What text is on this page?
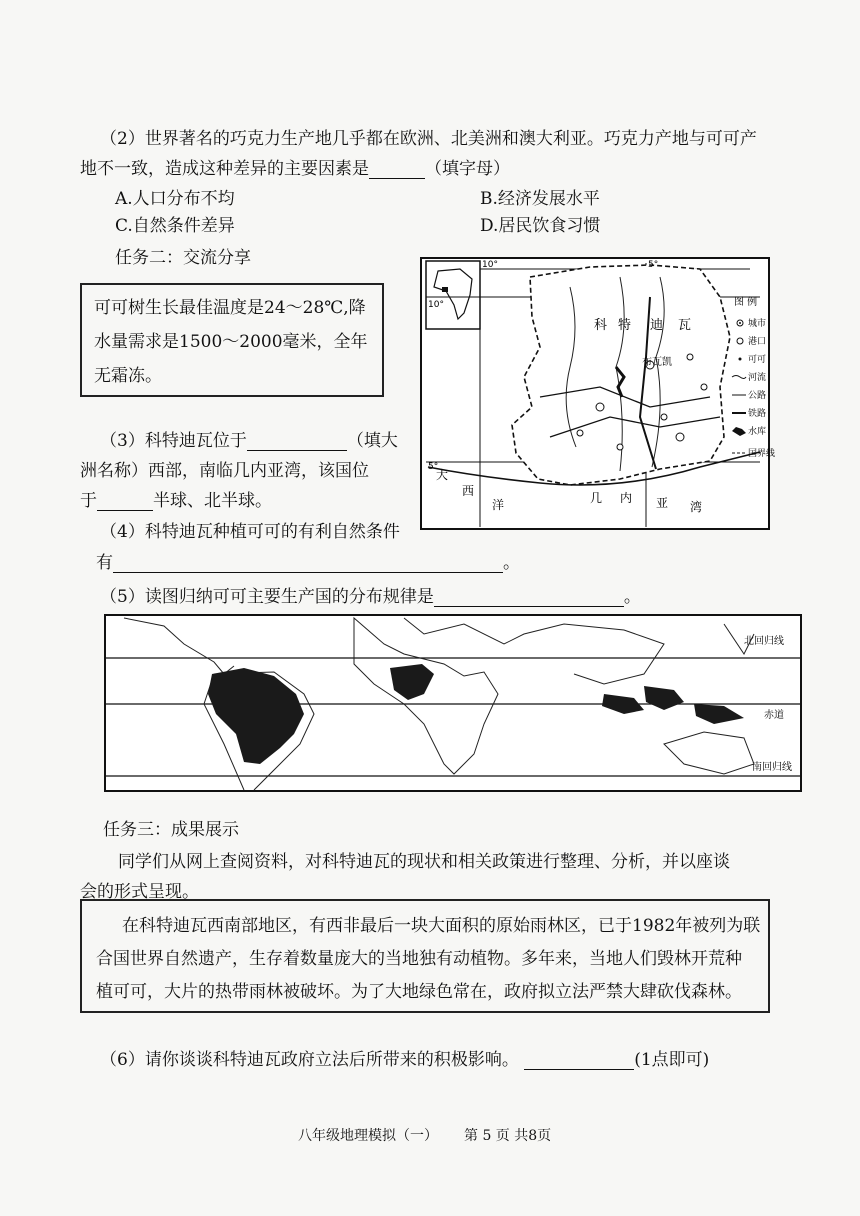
（2）世界著名的巧克力生产地几乎都在欧洲、北美洲和澳大利亚。巧克力产地与可可产
地不一致，造成这种差异的主要因素是	（填字母）
A.人口分布不均	B.经济发展水平
C.自然条件差异	D.居民饮食习惯
任务二：交流分享
可可树生长最佳温度是24～28℃,降
水量需求是1500～2000毫米，全年
无霜冻。
（3）科特迪瓦位于	（填大
洲名称）西部，南临几内亚湾，该国位
于	半球、北半球。
（4）科特迪瓦种植可可的有利自然条件
有	。
（5）读图归纳可可主要生产国的分布规律是	。
10°	5°
10°
5°
科 特 迪 瓦
布瓦凯
大
西
洋	几 内 亚 湾
图 例
城市
港口
可可
河流
公路
铁路
水库
国界线
北回归线
赤道
南回归线
任务三：成果展示
同学们从网上查阅资料，对科特迪瓦的现状和相关政策进行整理、分析，并以座谈
会的形式呈现。
在科特迪瓦西南部地区，有西非最后一块大面积的原始雨林区，已于1982年被列为联
合国世界自然遗产，生存着数量庞大的当地独有动植物。多年来，当地人们毁林开荒种
植可可，大片的热带雨林被破坏。为了大地绿色常在，政府拟立法严禁大肆砍伐森林。
（6）请你谈谈科特迪瓦政府立法后所带来的积极影响。	(1点即可)
八年级地理模拟（一） 第 5 页 共8页
